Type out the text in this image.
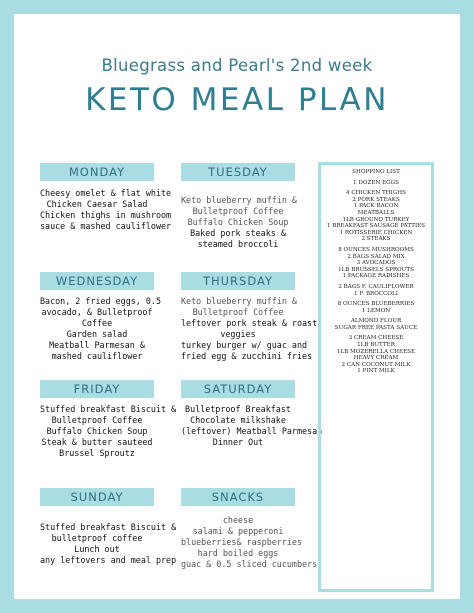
Bluegrass and Pearl's 2nd week
KETO MEAL PLAN
MONDAY
Cheesy omelet & flat white
Chicken Caesar Salad
Chicken thighs in mushroom
sauce & mashed cauliflower
TUESDAY
Keto blueberry muffin &
Bulletproof Coffee
Buffalo Chicken Soup
Baked pork steaks &
steamed broccoli
WEDNESDAY
Bacon, 2 fried eggs, 0.5
avocado, & Bulletproof
Coffee
Garden salad
Meatball Parmesan &
mashed cauliflower
THURSDAY
Keto blueberry muffin &
Bulletproof Coffee
leftover pork steak & roast
veggies
turkey burger w/ guac and
fried egg & zucchini fries
FRIDAY
Stuffed breakfast Biscuit &
Bulletproof Coffee
Buffalo Chicken Soup
Steak & butter sauteed
Brussel Sproutz
SATURDAY
Bulletproof Breakfast
Chocolate milkshake
(leftover) Meatball Parmesan
Dinner Out
SUNDAY
Stuffed breakfast Biscuit &
bulletproof coffee
Lunch out
any leftovers and meal prep
SNACKS
cheese
salami & pepperoni
blueberries& raspberries
hard boiled eggs
guac & 0.5 sliced cucumbers
SHOPPING LIST
1 DOZEN EGGS
4 CHICKEN THIGHS
2 PORK STEAKS
1 PACK BACON
MEATBALLS
1LB GROUND TURKEY
1 BREAKFAST SAUSAGE PATTIES
1 ROTISSERIE CHICKEN
2 STEAKS
8 OUNCES MUSHROOMS
2 BAGS SALAD MIX
3 AVOCADOS
1LB BRUSSELS SPROUTS
1 PACKAGE RADISHES
2 BAGS F. CAULIFLOWER
1 F. BROCCOLI
8 OUNCES BLUEBERRIES
1 LEMON
ALMOND FLOUR
SUGAR FREE PASTA SAUCE
3 CREAM CHEESE
1LB BUTTER
1LB MOZERELLA CHEESE
HEAVY CREAM
2 CAN COCONUT MILK
1 PINT MILK
